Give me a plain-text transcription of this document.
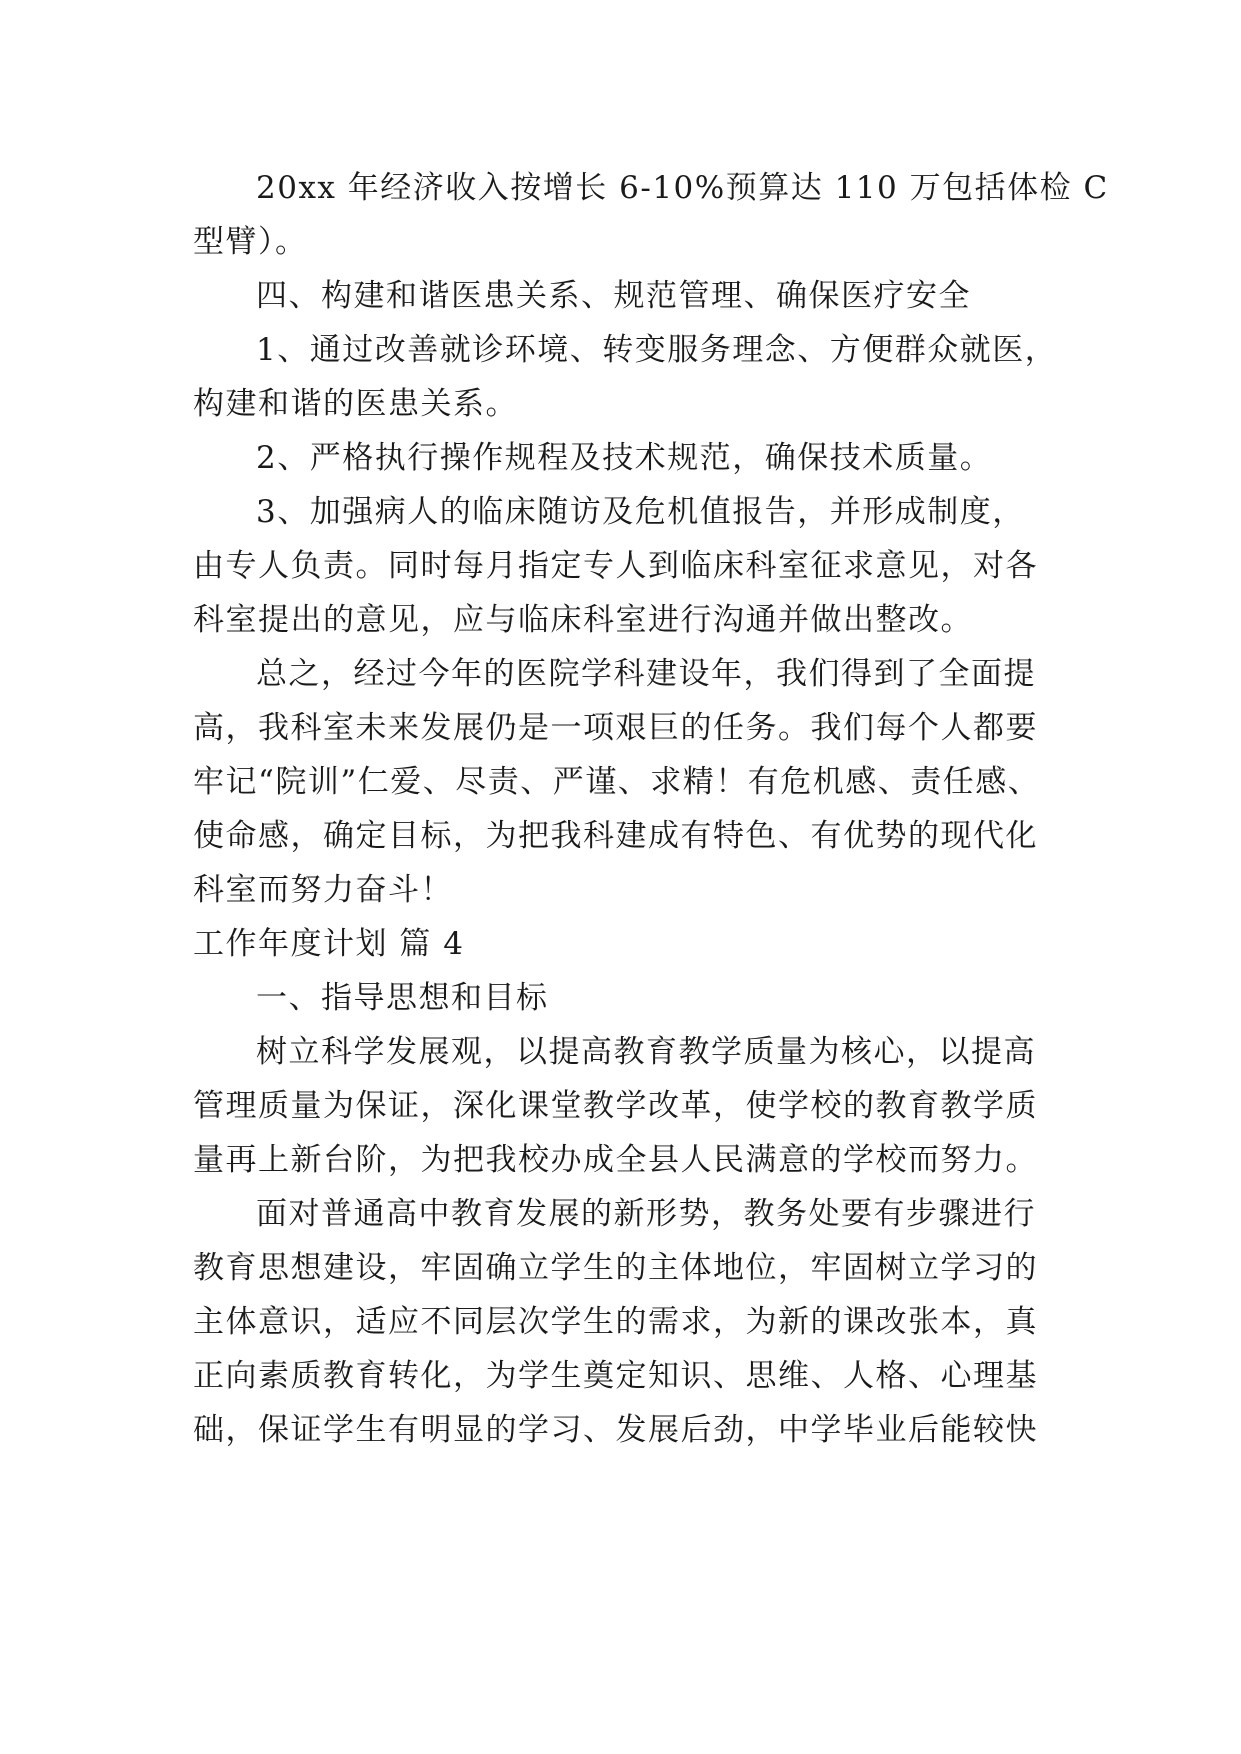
20xx 年经济收入按增长 6-10%预算达 110 万包括体检 C
型臂）。
四、构建和谐医患关系、规范管理、确保医疗安全
1、通过改善就诊环境、转变服务理念、方便群众就医，
构建和谐的医患关系。
2、严格执行操作规程及技术规范，确保技术质量。
3、加强病人的临床随访及危机值报告，并形成制度，
由专人负责。同时每月指定专人到临床科室征求意见，对各
科室提出的意见，应与临床科室进行沟通并做出整改。
总之，经过今年的医院学科建设年，我们得到了全面提
高，我科室未来发展仍是一项艰巨的任务。我们每个人都要
牢记“院训”仁爱、尽责、严谨、求精！有危机感、责任感、
使命感，确定目标，为把我科建成有特色、有优势的现代化
科室而努力奋斗！
工作年度计划 篇 4
一、指导思想和目标
树立科学发展观，以提高教育教学质量为核心，以提高
管理质量为保证，深化课堂教学改革，使学校的教育教学质
量再上新台阶，为把我校办成全县人民满意的学校而努力。
面对普通高中教育发展的新形势，教务处要有步骤进行
教育思想建设，牢固确立学生的主体地位，牢固树立学习的
主体意识，适应不同层次学生的需求，为新的课改张本，真
正向素质教育转化，为学生奠定知识、思维、人格、心理基
础，保证学生有明显的学习、发展后劲，中学毕业后能较快
